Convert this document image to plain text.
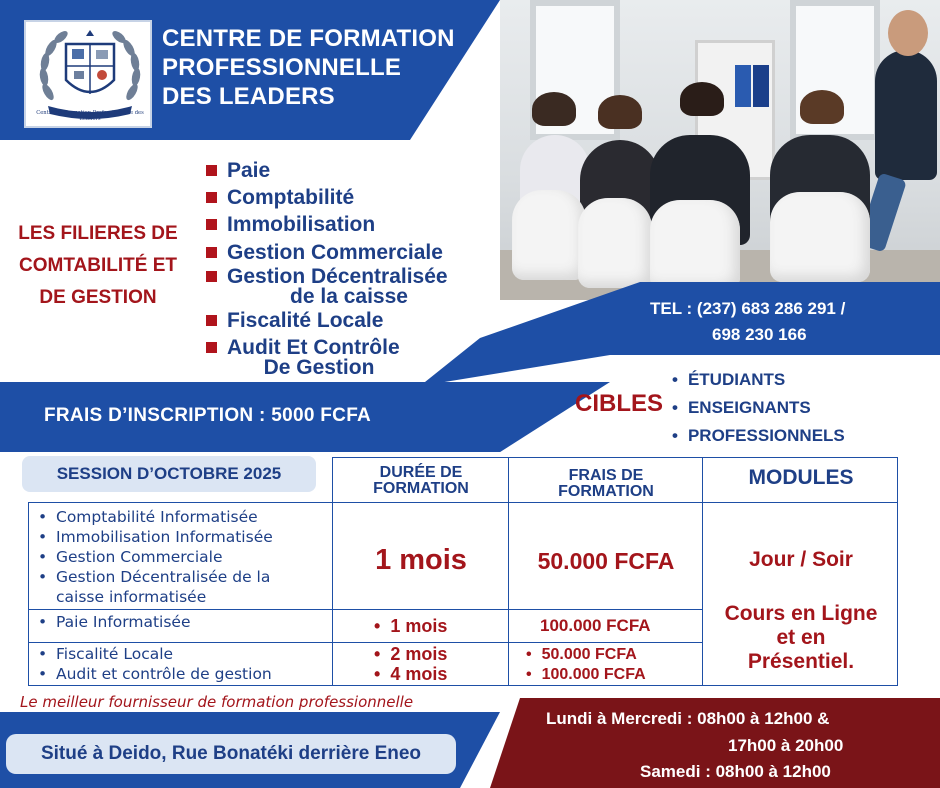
Centre de Formation Professionnelle des Leaders
CENTRE DE FORMATION
PROFESSIONNELLE
DES LEADERS
LES FILIERES DE
COMTABILITÉ ET
DE GESTION
Paie
Comptabilité
Immobilisation
Gestion Commerciale
Gestion Décentralisée
de la caisse
Fiscalité Locale
Audit Et Contrôle
De Gestion
TEL : (237) 683 286 291 /
698 230 166
FRAIS D’INSCRIPTION : 5000 FCFA	CIBLES
• ÉTUDIANTS
• ENSEIGNANTS
• PROFESSIONNELS
SESSION D’OCTOBRE 2025	DURÉE DE
FORMATION
FRAIS DE
FORMATION
MODULES
• Comptabilité Informatisée
• Immobilisation Informatisée
• Gestion Commerciale
• Gestion Décentralisée de la
caisse informatisée
1 mois	50.000 FCFA
• Paie Informatisée
•	1 mois	100.000 FCFA
• Fiscalité Locale
• Audit et contrôle de gestion
• 2 mois
• 4 mois
• 50.000 FCFA
• 100.000 FCFA
Jour / Soir
Cours en Ligne
et en
Présentiel.
Le meilleur fournisseur de formation professionnelle
Situé à Deido, Rue Bonatéki derrière Eneo
Lundi à Mercredi : 08h00 à 12h00 &
17h00 à 20h00
Samedi : 08h00 à 12h00
